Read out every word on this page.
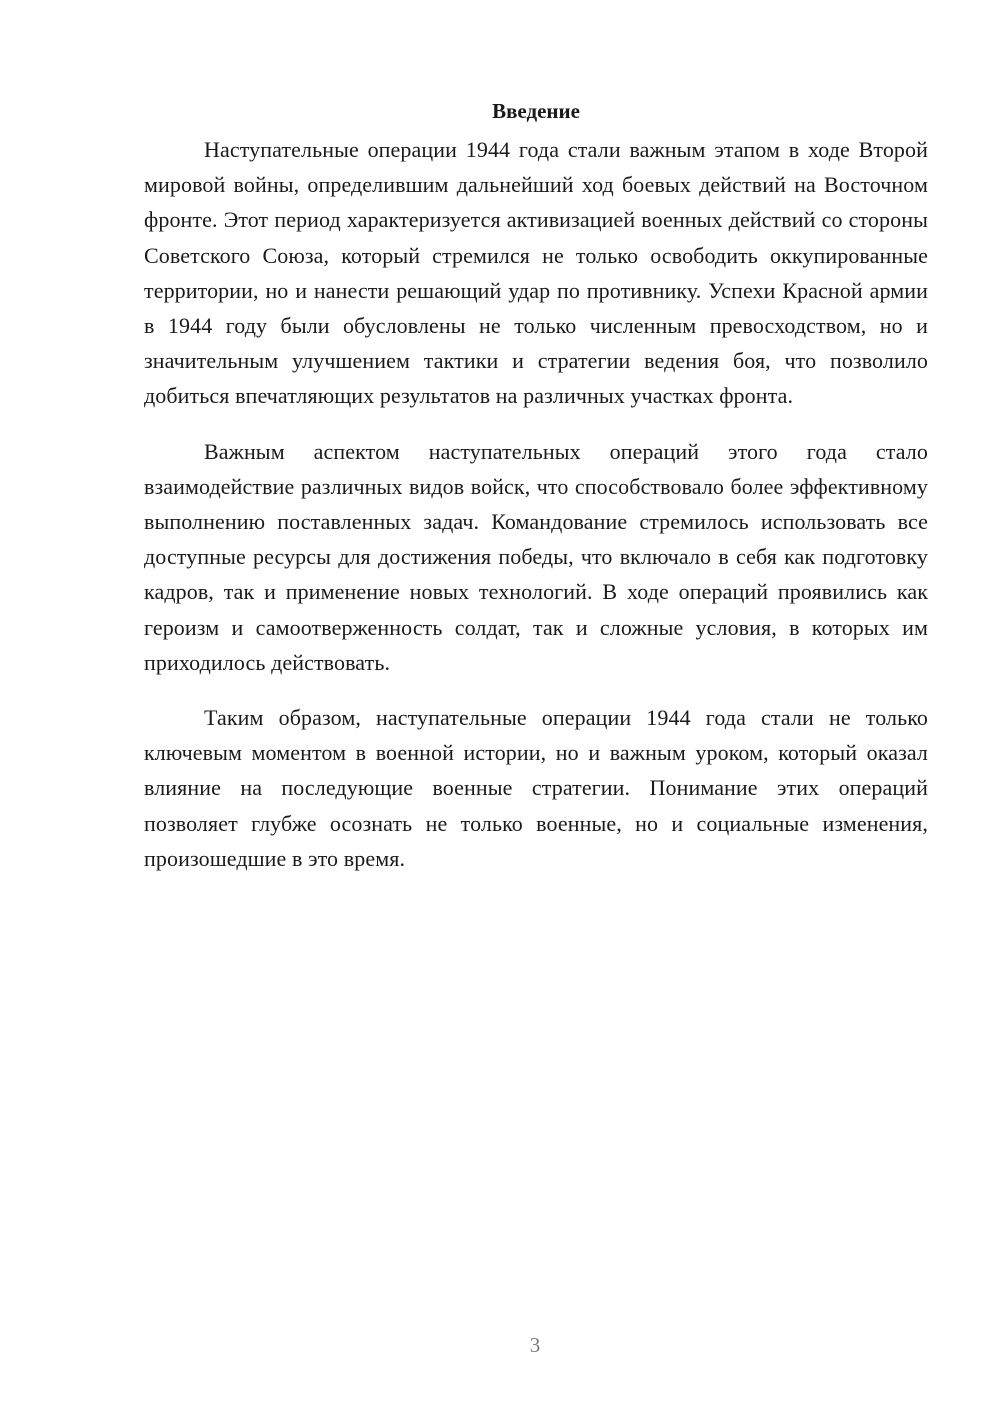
Введение

Наступательные операции 1944 года стали важным этапом в ходе Второй мировой войны, определившим дальнейший ход боевых действий на Восточном фронте. Этот период характеризуется активизацией военных действий со стороны Советского Союза, который стремился не только освободить оккупированные территории, но и нанести решающий удар по противнику. Успехи Красной армии в 1944 году были обусловлены не только численным превосходством, но и значительным улучшением тактики и стратегии ведения боя, что позволило добиться впечатляющих результатов на различных участках фронта.

Важным аспектом наступательных операций этого года стало взаимодействие различных видов войск, что способствовало более эффективному выполнению поставленных задач. Командование стремилось использовать все доступные ресурсы для достижения победы, что включало в себя как подготовку кадров, так и применение новых технологий. В ходе операций проявились как героизм и самоотверженность солдат, так и сложные условия, в которых им приходилось действовать.

Таким образом, наступательные операции 1944 года стали не только ключевым моментом в военной истории, но и важным уроком, который оказал влияние на последующие военные стратегии. Понимание этих операций позволяет глубже осознать не только военные, но и социальные изменения, произошедшие в это время.

3
